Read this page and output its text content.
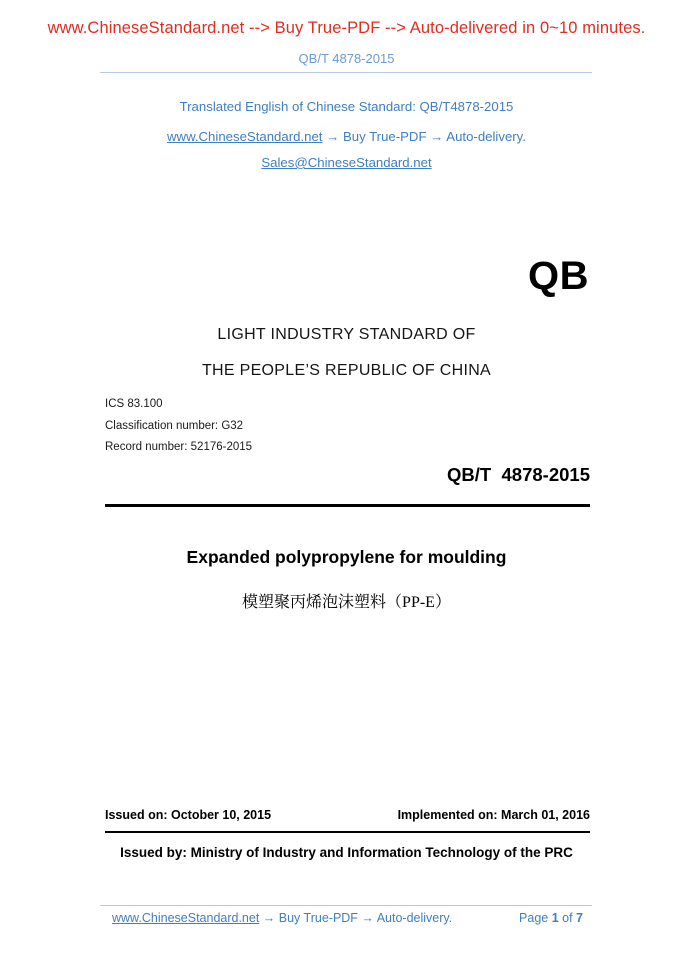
www.ChineseStandard.net --> Buy True-PDF --> Auto-delivered in 0~10 minutes.
QB/T 4878-2015
Translated English of Chinese Standard: QB/T4878-2015
www.ChineseStandard.net → Buy True-PDF → Auto-delivery.
Sales@ChineseStandard.net
QB
LIGHT INDUSTRY STANDARD OF
THE PEOPLE’S REPUBLIC OF CHINA
ICS 83.100
Classification number: G32
Record number: 52176-2015
QB/T  4878-2015
Expanded polypropylene for moulding
模塑聚丙烯泡沫塑料（PP-E）
Issued on: October 10, 2015	Implemented on: March 01, 2016
Issued by: Ministry of Industry and Information Technology of the PRC
www.ChineseStandard.net → Buy True-PDF → Auto-delivery.	Page 1 of 7
